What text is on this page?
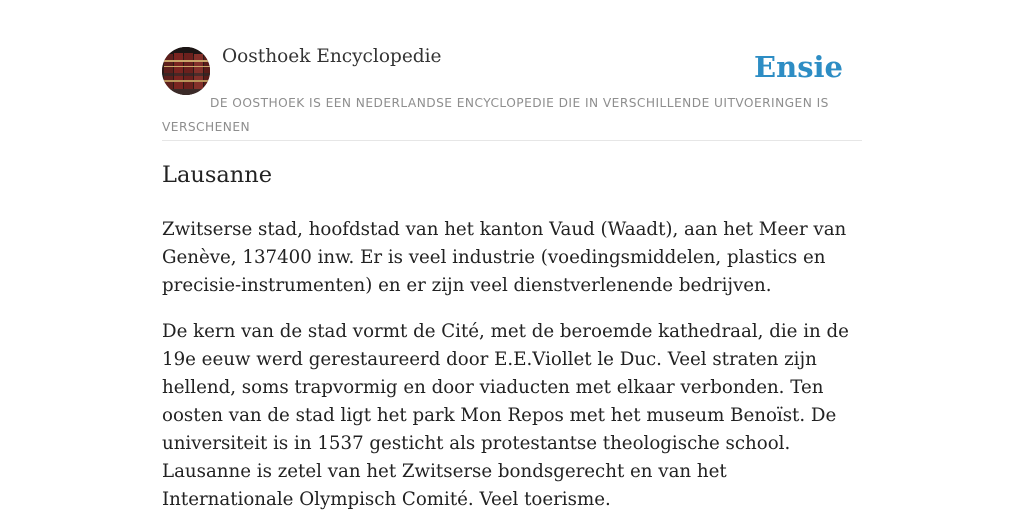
Oosthoek Encyclopedie	Ensie
DE OOSTHOEK IS EEN NEDERLANDSE ENCYCLOPEDIE DIE IN VERSCHILLENDE UITVOERINGEN IS VERSCHENEN
Lausanne

Zwitserse stad, hoofdstad van het kanton Vaud (Waadt), aan het Meer van Genève, 137400 inw. Er is veel industrie (voedingsmiddelen, plastics en precisie-instrumenten) en er zijn veel dienstverlenende bedrijven.

De kern van de stad vormt de Cité, met de beroemde kathedraal, die in de 19e eeuw werd gerestaureerd door E.E.Viollet le Duc. Veel straten zijn hellend, soms trapvormig en door viaducten met elkaar verbonden. Ten oosten van de stad ligt het park Mon Repos met het museum Benoïst. De universiteit is in 1537 gesticht als protestantse theologische school. Lausanne is zetel van het Zwitserse bondsgerecht en van het Internationale Olympisch Comité. Veel toerisme.
